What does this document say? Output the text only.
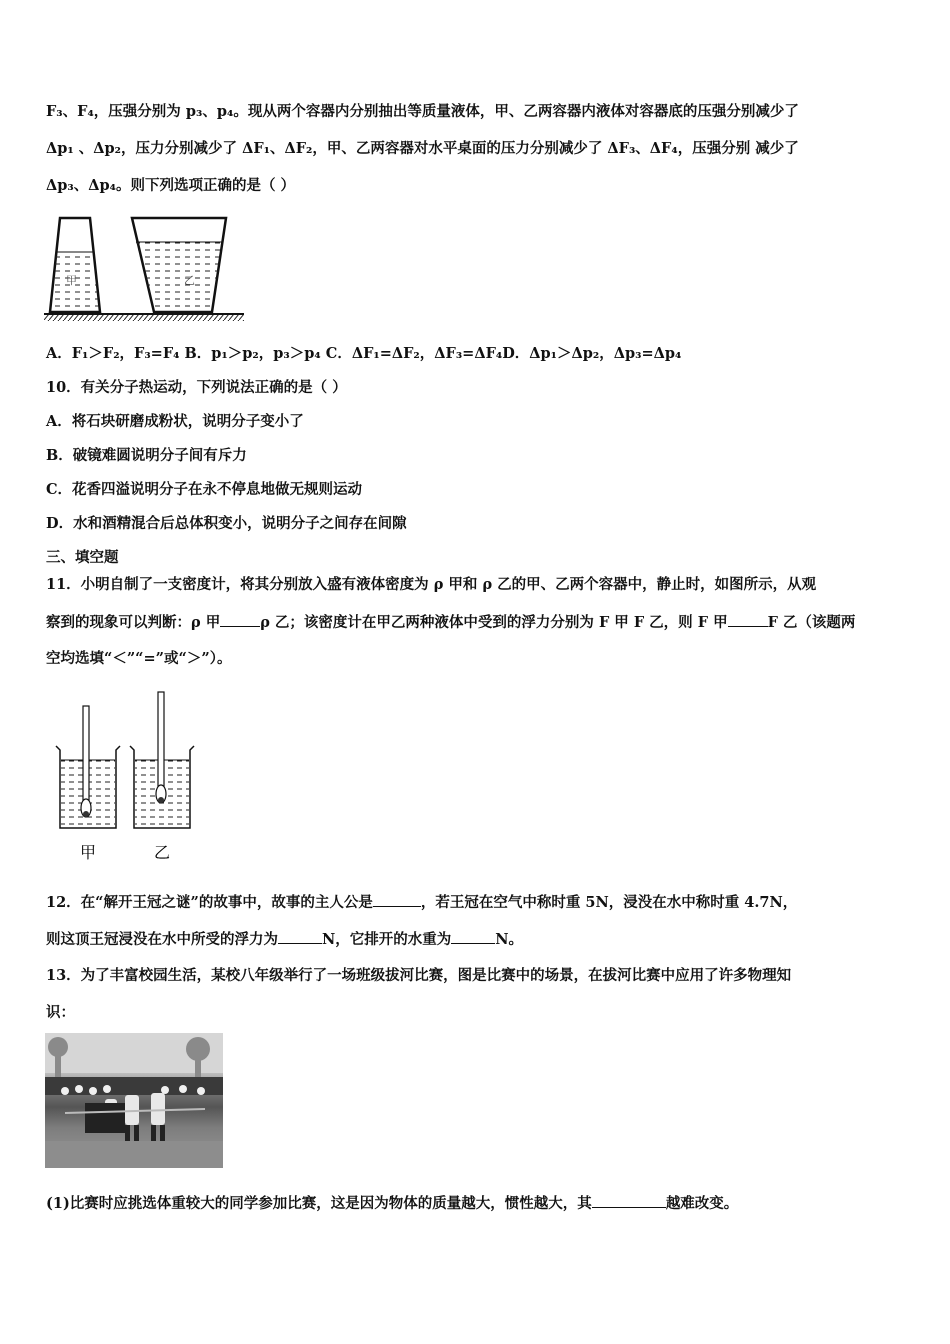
F₃、F₄，压强分别为 p₃、p₄。现从两个容器内分别抽出等质量液体，甲、乙两容器内液体对容器底的压强分别减少了
Δp₁ 、Δp₂，压力分别减少了 ΔF₁、ΔF₂，甲、乙两容器对水平桌面的压力分别减少了 ΔF₃、ΔF₄，压强分别 减少了
Δp₃、Δp₄。则下列选项正确的是（ ）
甲	乙
A．F₁＞F₂，F₃=F₄ B．p₁＞p₂，p₃＞p₄ C．ΔF₁=ΔF₂，ΔF₃=ΔF₄D．Δp₁＞Δp₂，Δp₃=Δp₄
10．有关分子热运动，下列说法正确的是（ ）
A．将石块研磨成粉状，说明分子变小了
B．破镜难圆说明分子间有斥力
C．花香四溢说明分子在永不停息地做无规则运动
D．水和酒精混合后总体积变小，说明分子之间存在间隙
三、填空题
11．小明自制了一支密度计，将其分别放入盛有液体密度为 ρ 甲和 ρ 乙的甲、乙两个容器中，静止时，如图所示，从观
察到的现象可以判断：ρ 甲	ρ 乙；该密度计在甲乙两种液体中受到的浮力分别为 F 甲 F 乙，则 F 甲	F 乙（该题两
空均选填“＜”“=”或“＞”）。
甲	乙
12．在“解开王冠之谜”的故事中，故事的主人公是	，若王冠在空气中称时重 5N，浸没在水中称时重 4.7N，
则这顶王冠浸没在水中所受的浮力为	N，它排开的水重为	N。
13．为了丰富校园生活，某校八年级举行了一场班级拔河比赛，图是比赛中的场景，在拔河比赛中应用了许多物理知
识：
(1)比赛时应挑选体重较大的同学参加比赛，这是因为物体的质量越大，惯性越大，其	越难改变。
